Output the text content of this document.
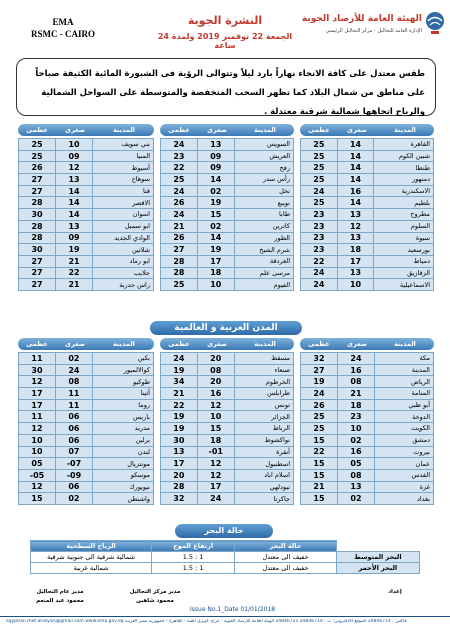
EMA
RSMC - CAIRO
النشرة الجوية
الجمعة 22 نوفمبر 2019 ولمدة 24 ساعة
الهيئة العامة للأرصاد الجوية
الإدارة العامة للتحاليل - مركز التحاليل الرئيسي
طقس معتدل على كافة الانحاء نهاراً بارد ليلاً وتتوالى الرؤية فى الشبورة المائية الكثيفة صباحاً على مناطق من شمال البلاد كما تظهر السحب المنخفضة والمتوسطة على السواحل الشمالية والرياح اتجاهها شمالية شرقية معتدلة .
عظمى	صغرى	المدينة
عظمى	صغرى	المدينة
عظمى	صغرى	المدينة
25	14	القاهرة
25	14	شبين الكوم
25	14	طنطا
25	14	دمنهور
24	16	الاسكندرية
25	14	بلطيم
23	13	مطروح
23	12	السلوم
23	13	سيوة
23	18	بورسعيد
22	17	دمياط
24	13	الزقازيق
24	10	الاسماعيلية
24	13	السويس
23	09	العريش
22	09	رفح
25	14	رأس سدر
24	02	نخل
26	19	نويبع
24	15	طابا
21	02	كاترين
26	14	الطور
27	19	شرم الشيخ
28	17	الغردقة
28	18	مرسى علم
25	10	الفيوم
25	10	بني سويف
25	09	المنيا
26	12	أسيوط
27	13	سوهاج
27	14	قنا
28	14	الاقصر
30	14	اسوان
28	13	ابو سمبل
28	09	الوادي الجديد
30	19	شلاتين
27	21	ابو رماد
27	22	حلايب
27	21	راس حدربة
المدن العربية و العالمية
عظمى	صغرى	المدينة
عظمى	صغرى	المدينة
عظمى	صغرى	المدينة
32	24	مكة
27	16	المدينة
19	08	الرياض
24	21	المنامة
26	18	أبو ظبي
25	23	الدوحة
25	10	الكويت
15	02	دمشق
22	16	بيروت
15	05	عمان
15	08	القدس
21	13	غزة
15	02	بغداد
24	20	مسقط
19	08	صنعاء
34	20	الخرطوم
21	16	طرابلس
22	12	تونس
19	10	الجزائر
19	15	الرباط
30	18	نواكشوط
13	-01	أنقرة
17	12	اسطنبول
20	12	اسلام اباد
28	17	نيودلهي
32	24	جاكرتا
11	02	بكين
30	24	كوالالمبور
12	08	طوكيو
17	11	أثينا
17	11	روما
11	06	باريس
12	06	مدريد
10	06	برلين
10	07	لندن
05	-07	مونتريال
-05	-09	موسكو
12	06	نيويورك
15	02	واشنطن
حالة البحر
الرياح السطحية	ارتفاع الموج	حالة البحر	
شمالية شرقية الى جنوبية شرقية	1 : 1.5	خفيف الى معتدل	البحر المتوسط
شمالية غربية	1 : 1.5	خفيف الى معتدل	البحر الأحمر
إعداد
مدير مركز التحاليل
محمود شاهين
مدير عام التحاليل
محمود عبد المنعم
Issue No.1_Date 01/01/2018
egyptian.met.analysis@gmail.com www.ema.gov.eg فاكس : 24846714 الموقع الالكتروني: ت : 24846719 24846721 الهيئة العامة للأرصاد الجوية - أبراج كوبري القبة - القاهرة - جمهورية مصر العربية
